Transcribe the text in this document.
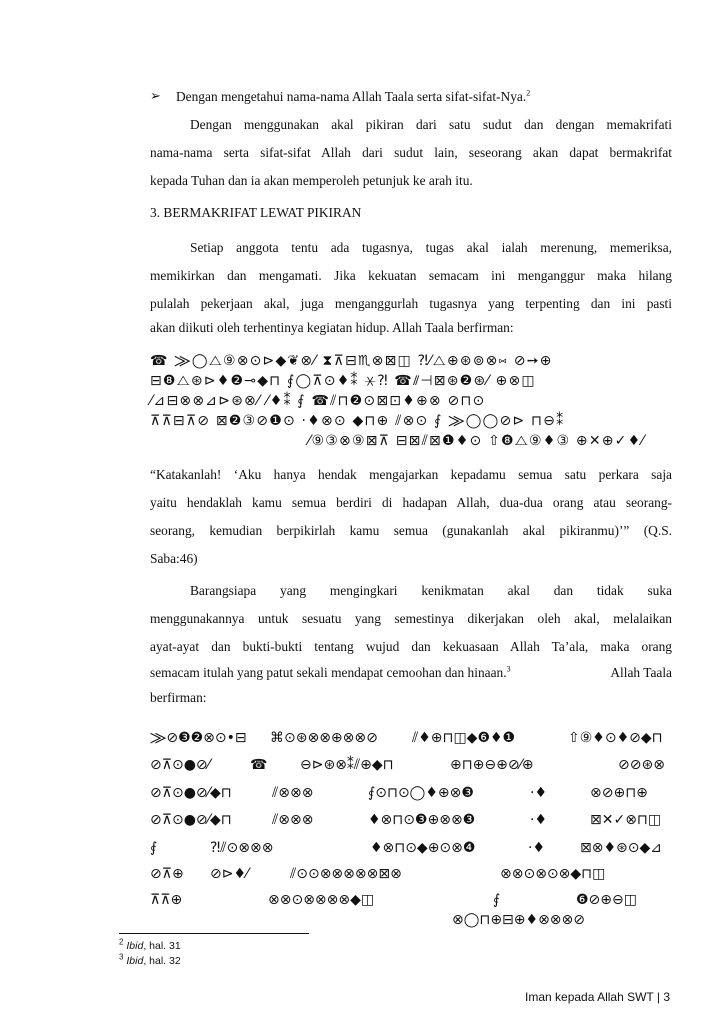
➢ Dengan mengetahui nama-nama Allah Taala serta sifat-sifat-Nya.$^2$
Dengan menggunakan akal pikiran dari satu sudut dan dengan memakrifati
nama-nama serta sifat-sifat Allah dari sudut lain, seseorang akan dapat bermakrifat
kepada Tuhan dan ia akan memperoleh petunjuk ke arah itu.
3. BERMAKRIFAT LEWAT PIKIRAN
Setiap anggota tentu ada tugasnya, tugas akal ialah merenung, memeriksa,
memikirkan dan mengamati. Jika kekuatan semacam ini menganggur maka hilang
pulalah pekerjaan akal, juga menganggurlah tugasnya yang terpenting dan ini pasti
akan diikuti oleh terhentinya kegiatan hidup. Allah Taala berfirman:
☎ ⨠◯⧍⑨⊗⊙⊳◆❦⊗⁄ ⧗⊼⊟♏⊗⊠◫ ⁈⁄⧍⊕⊛⊚⊗⑅ ⊘➙⊕
⊟❽⧍⊛⊳♦❷⊸◆⊓ ⨐◯⊼⊙♦⁑ ⚹⁈ ☎⫽⊣⊠⊛❷⊛⁄ ⊕⊗◫
⁄⊿⊟⊗⊗⊿⊳⊛⊗⁄ ⁄♦⁑ ⨐ ☎⫽⊓❷⊙⊠⊡♦⊕⊗ ⊘⊓⊙
⊼⊼⊟⊼⊘ ⊠❷③⊘❶⊙ ⋅♦⊗⊙ ◆⊓⊕ ⫽⊗⊙ ⨐ ⨠◯◯⊘⊳ ⊓⊖⁑
⁄⑨③⊗⑨⊠⊼ ⊟⊠⫽⊠❶♦⊙ ⇧❽⧍⑨♦③ ⊕✕⊕✓♦⁄
“Katakanlah! ‘Aku hanya hendak mengajarkan kepadamu semua satu perkara saja
yaitu hendaklah kamu semua berdiri di hadapan Allah, dua-dua orang atau seorang-
seorang, kemudian berpikirlah kamu semua (gunakanlah akal pikiranmu)’” (Q.S.
Saba:46)
Barangsiapa yang mengingkari kenikmatan akal dan tidak suka
menggunakannya untuk sesuatu yang semestinya dikerjakan oleh akal, melalaikan
ayat-ayat dan bukti-bukti tentang wujud dan kekuasaan Allah Ta’ala, maka orang
semacam itulah yang patut sekali mendapat cemoohan dan hinaan.$^3$	Allah Taala
berfirman:
⨠⊘❸❷⊗⊙•⊟ ⌘⊙⊛⊗⊗⊕⊗⊗⊘ ⫽♦⊕⊓◫◆❻♦❶	⇧⑨♦⊙♦⊘◆⊓
⊘⊼⊙●⊘⁄	☎ ⊖⊳⊛⊗⁑⫽⊕◆⊓	⊕⊓⊕⊖⊕⊘⁄⊕	⊘⊘⊛⊗
⊘⊼⊙●⊘⁄◆⊓	⫽⊗⊗⊗	⨐⊙⊓⊙◯♦⊕⊗❸	⋅♦	⊗⊘⊕⊓⊕
⊘⊼⊙●⊘⁄◆⊓	⫽⊗⊗⊗	♦⊗⊓⊙❸⊕⊗⊗❸	⋅♦	⊠✕✓⊗⊓◫
⨐	⁈⫽⊙⊗⊗⊗	♦⊗⊓⊙◆⊕⊙⊗❹	⋅♦ ⊠⊗♦⊛⊙◆⊿
⊘⊼⊕ ⊘⊳♦⁄	⫽⊙⊙⊗⊗⊗⊗⊗⊠⊗	⊗⊗⊙⊗⊙⊗◆⊓◫
⊼⊼⊕	⊗⊗⊙⊗⊗⊗⊗◆◫	⨐	❻⊘⊕⊖◫
⊗◯⊓⊕⊟⊕♦⊗⊗⊗⊘
$^2$ Ibid, hal. 31
$^3$ Ibid, hal. 32
Iman kepada Allah SWT | 3
